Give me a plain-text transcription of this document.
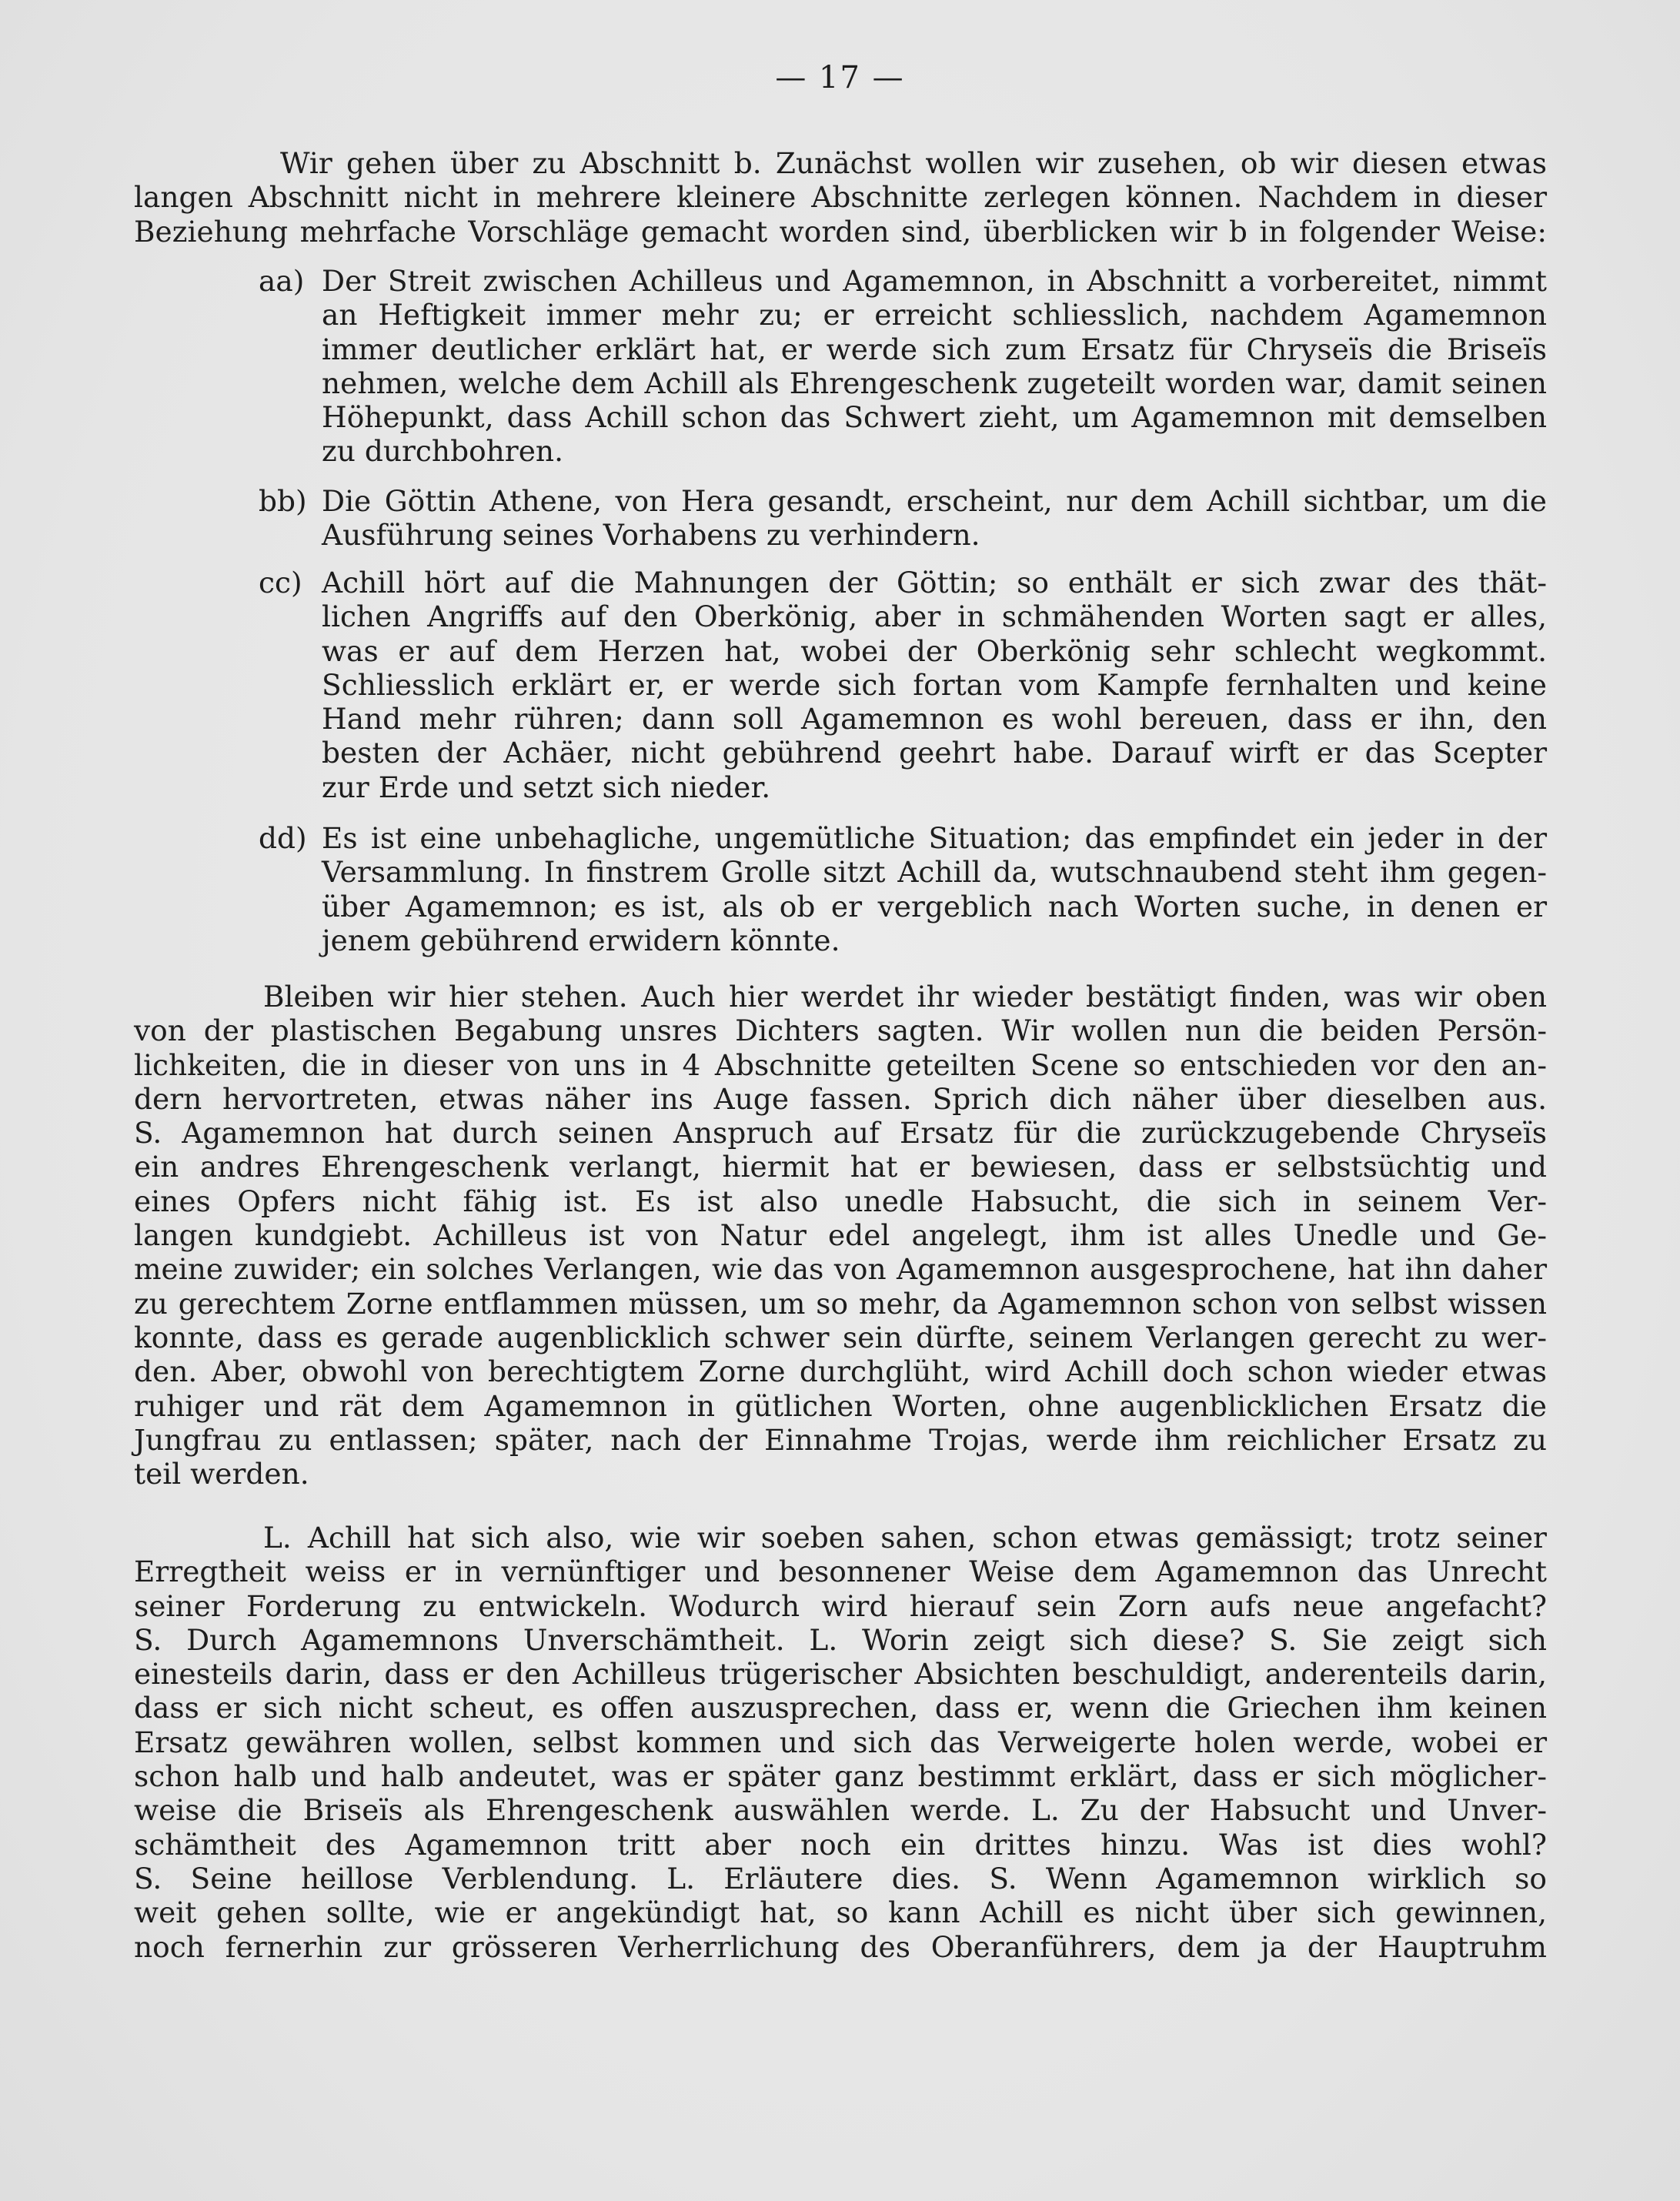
— 17 —
Wir gehen über zu Abschnitt b. Zunächst wollen wir zusehen, ob wir diesen etwas
langen Abschnitt nicht in mehrere kleinere Abschnitte zerlegen können. Nachdem in dieser
Beziehung mehrfache Vorschläge gemacht worden sind, überblicken wir b in folgender Weise:
aa) Der Streit zwischen Achilleus und Agamemnon, in Abschnitt a vorbereitet, nimmt
an Heftigkeit immer mehr zu; er erreicht schliesslich, nachdem Agamemnon
immer deutlicher erklärt hat, er werde sich zum Ersatz für Chryseïs die Briseïs
nehmen, welche dem Achill als Ehrengeschenk zugeteilt worden war, damit seinen
Höhepunkt, dass Achill schon das Schwert zieht, um Agamemnon mit demselben
zu durchbohren.
bb) Die Göttin Athene, von Hera gesandt, erscheint, nur dem Achill sichtbar, um die
Ausführung seines Vorhabens zu verhindern.
cc) Achill hört auf die Mahnungen der Göttin; so enthält er sich zwar des thät-
lichen Angriffs auf den Oberkönig, aber in schmähenden Worten sagt er alles,
was er auf dem Herzen hat, wobei der Oberkönig sehr schlecht wegkommt.
Schliesslich erklärt er, er werde sich fortan vom Kampfe fernhalten und keine
Hand mehr rühren; dann soll Agamemnon es wohl bereuen, dass er ihn, den
besten der Achäer, nicht gebührend geehrt habe. Darauf wirft er das Scepter
zur Erde und setzt sich nieder.
dd) Es ist eine unbehagliche, ungemütliche Situation; das empfindet ein jeder in der
Versammlung. In finstrem Grolle sitzt Achill da, wutschnaubend steht ihm gegen-
über Agamemnon; es ist, als ob er vergeblich nach Worten suche, in denen er
jenem gebührend erwidern könnte.
Bleiben wir hier stehen. Auch hier werdet ihr wieder bestätigt finden, was wir oben
von der plastischen Begabung unsres Dichters sagten. Wir wollen nun die beiden Persön-
lichkeiten, die in dieser von uns in 4 Abschnitte geteilten Scene so entschieden vor den an-
dern hervortreten, etwas näher ins Auge fassen. Sprich dich näher über dieselben aus.
S. Agamemnon hat durch seinen Anspruch auf Ersatz für die zurückzugebende Chryseïs
ein andres Ehrengeschenk verlangt, hiermit hat er bewiesen, dass er selbstsüchtig und
eines Opfers nicht fähig ist. Es ist also unedle Habsucht, die sich in seinem Ver-
langen kundgiebt. Achilleus ist von Natur edel angelegt, ihm ist alles Unedle und Ge-
meine zuwider; ein solches Verlangen, wie das von Agamemnon ausgesprochene, hat ihn daher
zu gerechtem Zorne entflammen müssen, um so mehr, da Agamemnon schon von selbst wissen
konnte, dass es gerade augenblicklich schwer sein dürfte, seinem Verlangen gerecht zu wer-
den. Aber, obwohl von berechtigtem Zorne durchglüht, wird Achill doch schon wieder etwas
ruhiger und rät dem Agamemnon in gütlichen Worten, ohne augenblicklichen Ersatz die
Jungfrau zu entlassen; später, nach der Einnahme Trojas, werde ihm reichlicher Ersatz zu
teil werden.
L. Achill hat sich also, wie wir soeben sahen, schon etwas gemässigt; trotz seiner
Erregtheit weiss er in vernünftiger und besonnener Weise dem Agamemnon das Unrecht
seiner Forderung zu entwickeln. Wodurch wird hierauf sein Zorn aufs neue angefacht?
S. Durch Agamemnons Unverschämtheit. L. Worin zeigt sich diese? S. Sie zeigt sich
einesteils darin, dass er den Achilleus trügerischer Absichten beschuldigt, anderenteils darin,
dass er sich nicht scheut, es offen auszusprechen, dass er, wenn die Griechen ihm keinen
Ersatz gewähren wollen, selbst kommen und sich das Verweigerte holen werde, wobei er
schon halb und halb andeutet, was er später ganz bestimmt erklärt, dass er sich möglicher-
weise die Briseïs als Ehrengeschenk auswählen werde. L. Zu der Habsucht und Unver-
schämtheit des Agamemnon tritt aber noch ein drittes hinzu. Was ist dies wohl?
S. Seine heillose Verblendung. L. Erläutere dies. S. Wenn Agamemnon wirklich so
weit gehen sollte, wie er angekündigt hat, so kann Achill es nicht über sich gewinnen,
noch fernerhin zur grösseren Verherrlichung des Oberanführers, dem ja der Hauptruhm
